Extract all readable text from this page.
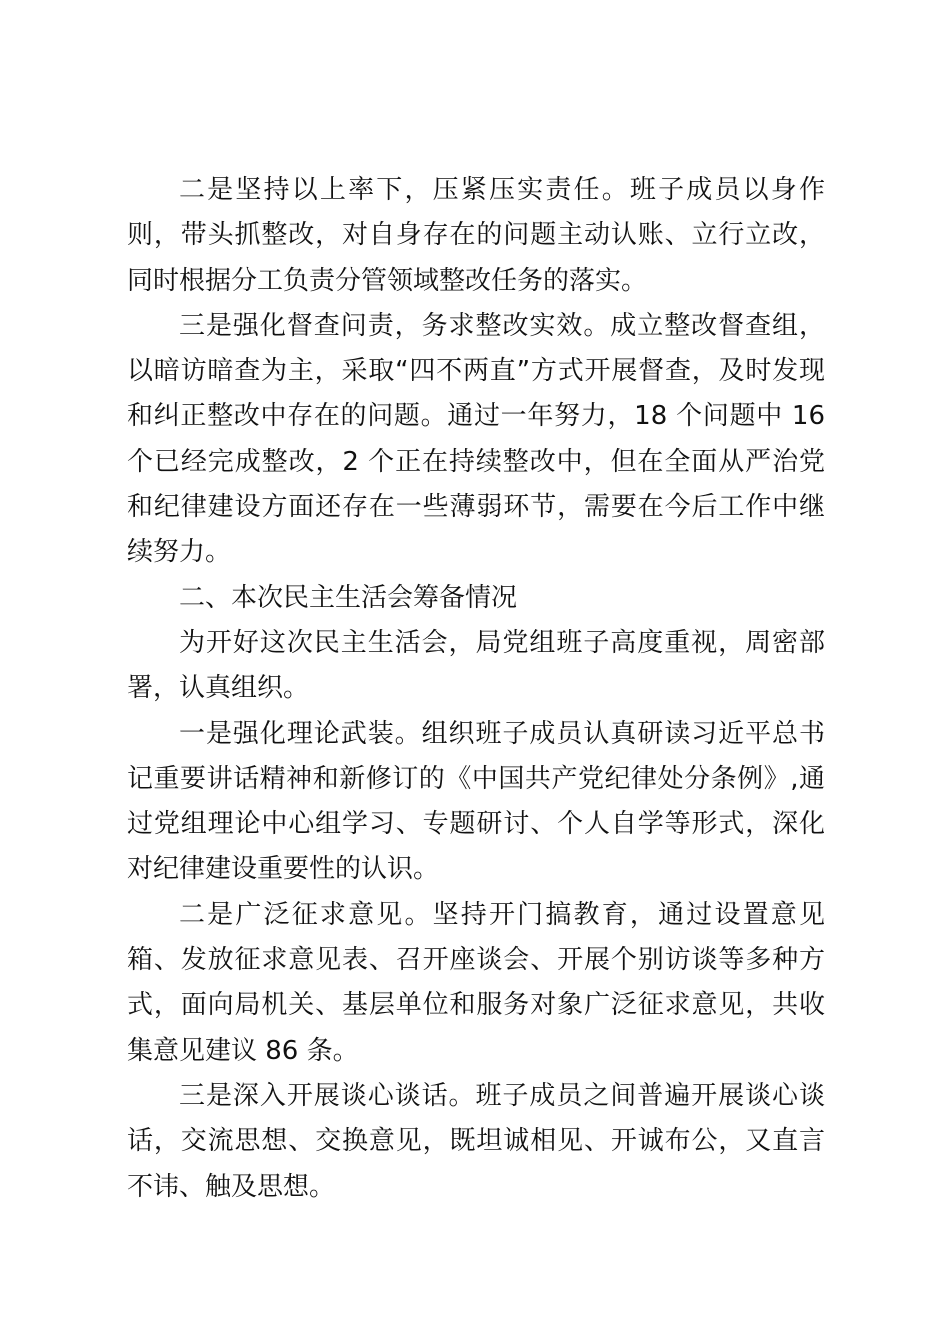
二是坚持以上率下，压紧压实责任。班子成员以身作则，带头抓整改，对自身存在的问题主动认账、立行立改，同时根据分工负责分管领域整改任务的落实。

三是强化督查问责，务求整改实效。成立整改督查组，以暗访暗查为主，采取“四不两直”方式开展督查，及时发现和纠正整改中存在的问题。通过一年努力，18 个问题中 16 个已经完成整改，2 个正在持续整改中，但在全面从严治党和纪律建设方面还存在一些薄弱环节，需要在今后工作中继续努力。

二、本次民主生活会筹备情况

为开好这次民主生活会，局党组班子高度重视，周密部署，认真组织。

一是强化理论武装。组织班子成员认真研读习近平总书记重要讲话精神和新修订的《中国共产党纪律处分条例》,通过党组理论中心组学习、专题研讨、个人自学等形式，深化对纪律建设重要性的认识。

二是广泛征求意见。坚持开门搞教育，通过设置意见箱、发放征求意见表、召开座谈会、开展个别访谈等多种方式，面向局机关、基层单位和服务对象广泛征求意见，共收集意见建议 86 条。

三是深入开展谈心谈话。班子成员之间普遍开展谈心谈话，交流思想、交换意见，既坦诚相见、开诚布公，又直言不讳、触及思想。
